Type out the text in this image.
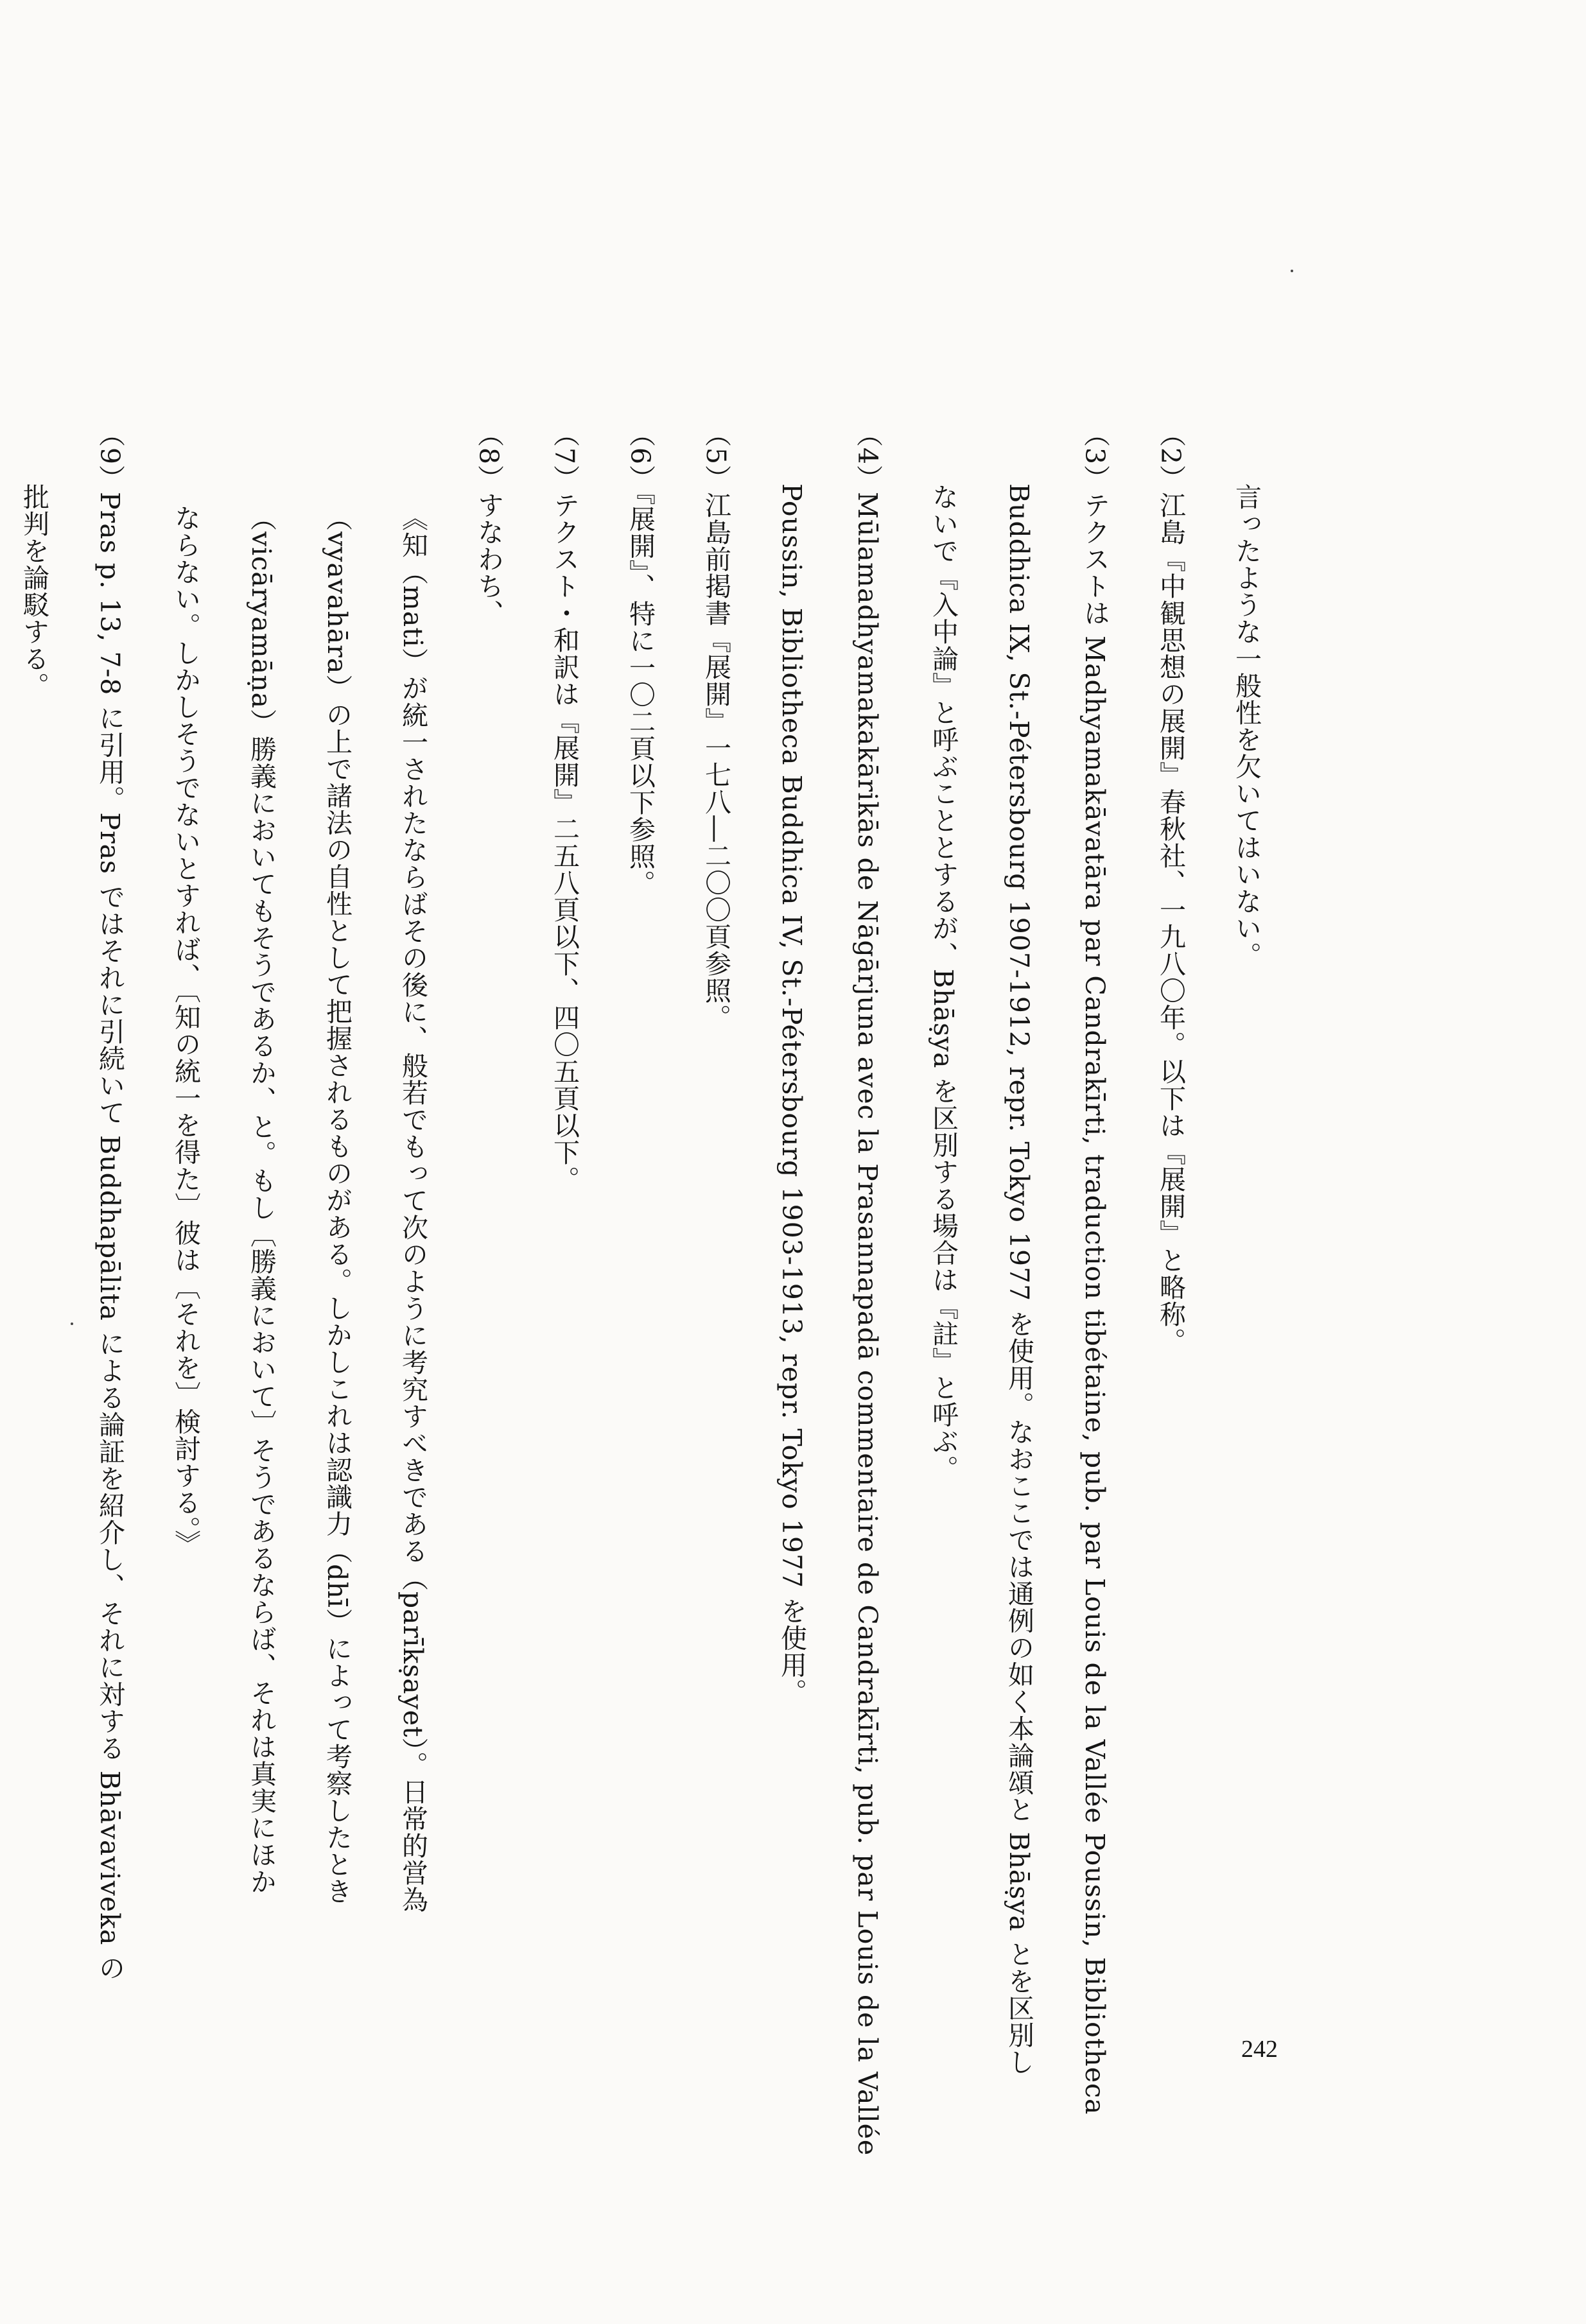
言ったような一般性を欠いてはいない。
（2）江島『中観思想の展開』春秋社、一九八〇年。以下は『展開』と略称。
（3）テクストは Madhyamakāvatāra par Candrakīrti, traduction tibétaine, pub. par Louis de la Vallée Poussin, Bibliotheca
Buddhica IX, St.-Pétersbourg 1907-1912, repr. Tokyo 1977 を使用。なおここでは通例の如く本論頌と Bhāṣya とを区別し
ないで『入中論』と呼ぶこととするが、Bhāṣya を区別する場合は『註』と呼ぶ。
（4）Mūlamadhyamakakārikās de Nāgārjuna avec la Prasannapadā commentaire de Candrakīrti, pub. par Louis de la Vallée
Poussin, Bibliotheca Buddhica IV, St.-Pétersbourg 1903-1913, repr. Tokyo 1977 を使用。
（5）江島前掲書『展開』一七八―二〇〇頁参照。
（6）『展開』、特に一〇二頁以下参照。
（7）テクスト・和訳は『展開』二五八頁以下、四〇五頁以下。
（8）すなわち、
《知（mati）が統一されたならばその後に、般若でもって次のように考究すべきである（parīkṣayet）。日常的営為
（vyavahāra）の上で諸法の自性として把握されるものがある。しかしこれは認識力（dhī）によって考察したとき
（vicāryamāṇa）勝義においてもそうであるか、と。もし〔勝義において〕そうであるならば、それは真実にほか
ならない。しかしそうでないとすれば、〔知の統一を得た〕彼は〔それを〕検討する。》
（9）Pras p. 13, 7-8 に引用。Pras ではそれに引続いて Buddhapālita による論証を紹介し、それに対する Bhāvaviveka の
批判を論駁する。
242
